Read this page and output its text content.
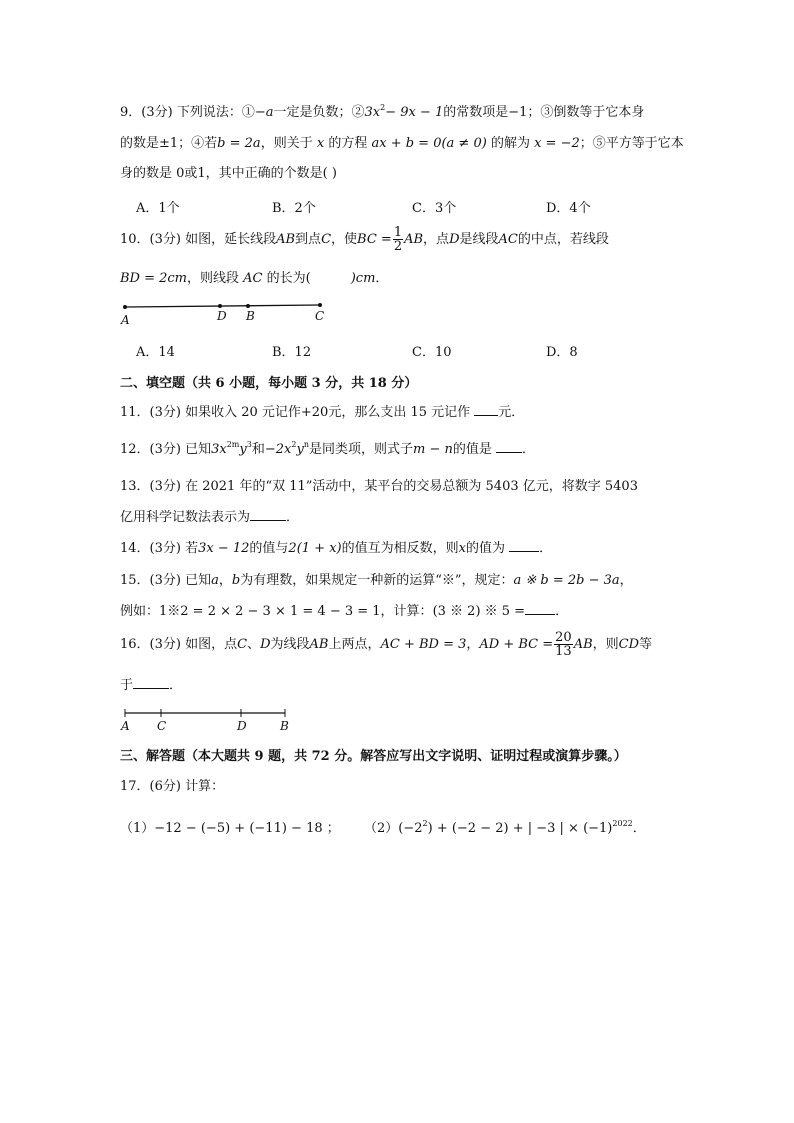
9．(3分) 下列说法：①−a一定是负数；$②3x^2- 9x - 1$的常数项是−1；③倒数等于它本身
的数是±1；④若b = 2a，则关于 x 的方程 ax + b = 0(a ≠ 0) 的解为 x = −2；⑤平方等于它本
身的数是 0或1，其中正确的个数是( )
A．1个	B．2个	C．3个	D．4个
10．(3分) 如图，延长线段AB到点C，使BC = $\frac{1}{2}$ AB，点D是线段AC的中点，若线段
BD = 2cm，则线段 AC 的长为(	)cm．
A	D B	C
A．14	B．12	C．10	D．8
二、填空题（共 6 小题，每小题 3 分，共 18 分）
11．(3分) 如果收入 20 元记作+20元，那么支出 15 元记作 元．
12．(3分) 已知$3x^{2m}y^3$和$-2x^2y^n$是同类项，则式子m − n的值是 ．
13．(3分) 在 2021 年的“双 11”活动中，某平台的交易总额为 5403 亿元，将数字 5403
亿用科学记数法表示为	．
14．(3分) 若3x − 12的值与2(1 + x)的值互为相反数，则x的值为	．
15．(3分) 已知a，b为有理数，如果规定一种新的运算“※”，规定：a ※ b = 2b − 3a，
例如：1※2 = 2 × 2 − 3 × 1 = 4 − 3 = 1，计算：(3 ※ 2) ※ 5 = ．
16．(3分) 如图，点C、D为线段AB上两点，AC + BD = 3，AD + BC = $\frac{20}{13}$ AB，则CD等
于	．
A C	D	B
三、解答题（本大题共 9 题，共 72 分。解答应写出文字说明、证明过程或演算步骤。）
17．(6分) 计算：
（1）−12 − (−5) + (−11) − 18 ； $(2)(-2^2) + (-2 - 2)$ + | −3 | × $(-1)^{2022}$．
